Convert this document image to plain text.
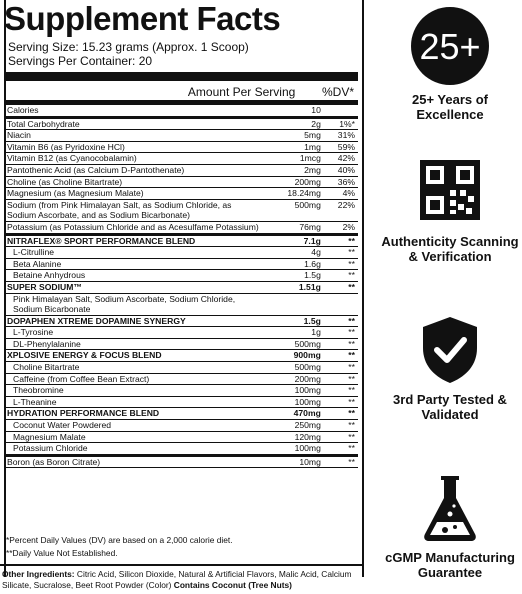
Supplement Facts
Serving Size: 15.23 grams (Approx. 1 Scoop)
Servings Per Container: 20
Amount Per Serving %DV*
Calories	10	
Total Carbohydrate	2g	1%*
Niacin	5mg	31%
Vitamin B6 (as Pyridoxine HCl)	1mg	59%
Vitamin B12 (as Cyanocobalamin)	1mcg	42%
Pantothenic Acid (as Calcium D-Pantothenate)	2mg	40%
Choline (as Choline Bitartrate)	200mg	36%
Magnesium (as Magnesium Malate)	18.24mg	4%
Sodium (from Pink Himalayan Salt, as Sodium Chloride, as Sodium Ascorbate, and as Sodium Bicarbonate)	500mg	22%
Potassium (as Potassium Chloride and as Acesulfame Potassium)	76mg	2%
NITRAFLEX® SPORT PERFORMANCE BLEND	7.1g	**
L-Citrulline	4g	**
Beta Alanine	1.6g	**
Betaine Anhydrous	1.5g	**
SUPER SODIUM™	1.51g	**
Pink Himalayan Salt, Sodium Ascorbate, Sodium Chloride, Sodium Bicarbonate		
DOPAPHEN XTREME DOPAMINE SYNERGY	1.5g	**
L-Tyrosine	1g	**
DL-Phenylalanine	500mg	**
XPLOSIVE ENERGY & FOCUS BLEND	900mg	**
Choline Bitartrate	500mg	**
Caffeine (from Coffee Bean Extract)	200mg	**
Theobromine	100mg	**
L-Theanine	100mg	**
HYDRATION PERFORMANCE BLEND	470mg	**
Coconut Water Powdered	250mg	**
Magnesium Malate	120mg	**
Potassium Chloride	100mg	**
Boron (as Boron Citrate)	10mg	**
*Percent Daily Values (DV) are based on a 2,000 calorie diet.
**Daily Value Not Established.
Other Ingredients: Citric Acid, Silicon Dioxide, Natural & Artificial Flavors, Malic Acid, Calcium Silicate, Sucralose, Beet Root Powder (Color) Contains Coconut (Tree Nuts)
25+
25+ Years of Excellence
Authenticity Scanning & Verification
3rd Party Tested & Validated
cGMP Manufacturing Guarantee
